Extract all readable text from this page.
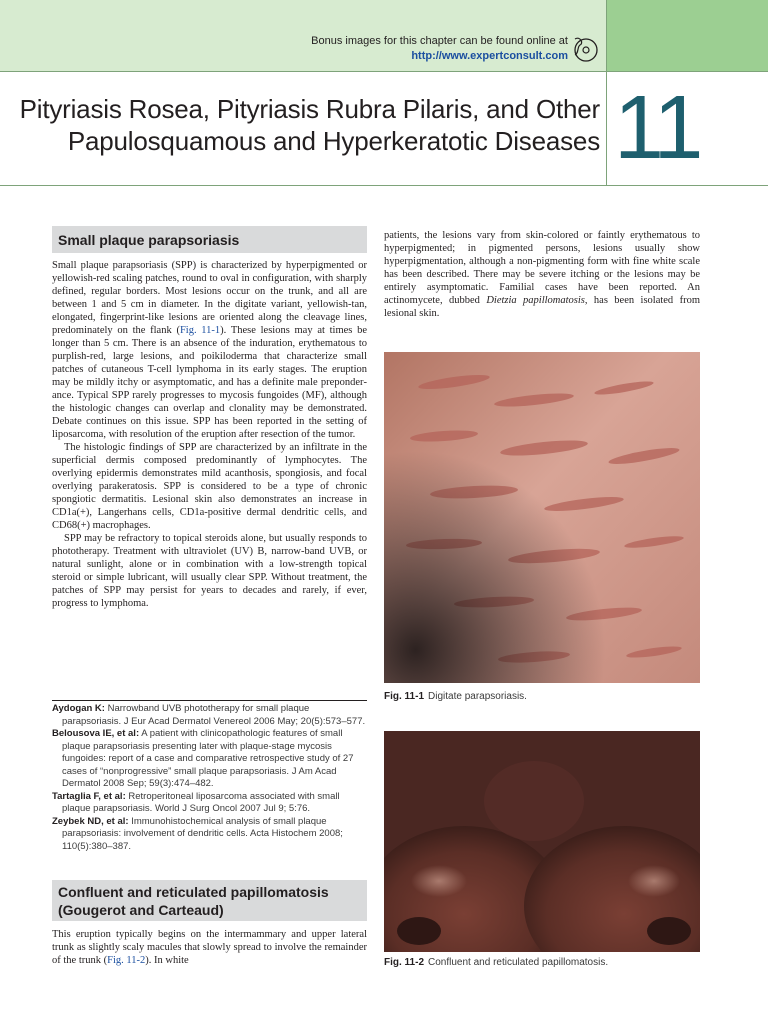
Bonus images for this chapter can be found online at
http://www.expertconsult.com
Pityriasis Rosea, Pityriasis Rubra Pilaris, and Other
Papulosquamous and Hyperkeratotic Diseases 11
Small plaque parapsoriasis

Small plaque parapsoriasis (SPP) is characterized by hyperpigmented or yellowish-red scaling patches, round to oval in configuration, with sharply defined, regular borders. Most lesions occur on the trunk, and all are between 1 and 5 cm in diameter. In the digitate variant, yellowish-tan, elongated, fingerprint-like lesions are oriented along the cleavage lines, predominately on the flank (Fig. 11-1). These lesions may at times be longer than 5 cm. There is an absence of the induration, erythematous to purplish-red, large lesions, and poikiloderma that characterize small patches of cutaneous T-cell lymphoma in its early stages. The eruption may be mildly itchy or asymptomatic, and has a definite male preponderance. Typical SPP rarely progresses to mycosis fungoides (MF), although the histologic changes can overlap and clonality may be demonstrated. Debate continues on this issue. SPP has been reported in the setting of liposarcoma, with resolution of the eruption after resection of the tumor.

The histologic findings of SPP are characterized by an infiltrate in the superficial dermis composed predominantly of lymphocytes. The overlying epidermis demonstrates mild acanthosis, spongiosis, and focal overlying parakeratosis. SPP is considered to be a type of chronic spongiotic dermatitis. Lesional skin also demonstrates an increase in CD1a(+), Langerhans cells, CD1a-positive dermal dendritic cells, and CD68(+) macrophages.

SPP may be refractory to topical steroids alone, but usually responds to phototherapy. Treatment with ultraviolet (UV) B, narrow-band UVB, or natural sunlight, alone or in combination with a low-strength topical steroid or simple lubricant, will usually clear SPP. Without treatment, the patches of SPP may persist for years to decades and rarely, if ever, progress to lymphoma.

Aydogan K: Narrowband UVB phototherapy for small plaque parapsoriasis. J Eur Acad Dermatol Venereol 2006 May; 20(5):573–577.
Belousova IE, et al: A patient with clinicopathologic features of small plaque parapsoriasis presenting later with plaque-stage mycosis fungoides: report of a case and comparative retrospective study of 27 cases of “nonprogressive” small plaque parapsoriasis. J Am Acad Dermatol 2008 Sep; 59(3):474–482.
Tartaglia F, et al: Retroperitoneal liposarcoma associated with small plaque parapsoriasis. World J Surg Oncol 2007 Jul 9; 5:76.
Zeybek ND, et al: Immunohistochemical analysis of small plaque parapsoriasis: involvement of dendritic cells. Acta Histochem 2008; 110(5):380–387.
Confluent and reticulated papillomatosis
(Gougerot and Carteaud)

This eruption typically begins on the intermammary and upper lateral trunk as slightly scaly macules that slowly spread to involve the remainder of the trunk (Fig. 11-2). In white

patients, the lesions vary from skin-colored or faintly erythematous to hyperpigmented; in pigmented persons, lesions usually show hyperpigmentation, although a non-pigmenting form with fine white scale has been described. There may be severe itching or the lesions may be entirely asymptomatic. Familial cases have been reported. An actinomycete, dubbed Dietzia papillomatosis, has been isolated from lesional skin.

Fig. 11-1 Digitate parapsoriasis.
Fig. 11-2 Confluent and reticulated papillomatosis.
